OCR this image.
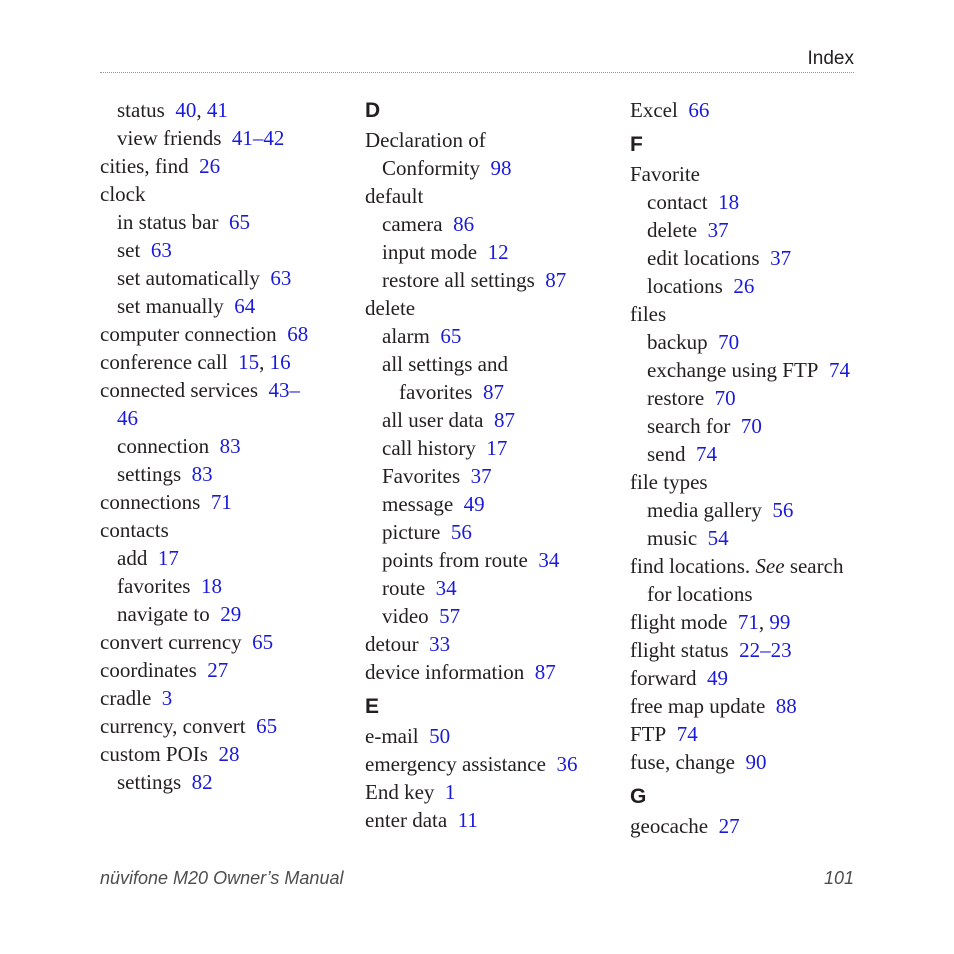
Index
status  40, 41
view friends  41–42
cities, find  26
clock
in status bar  65
set  63
set automatically  63
set manually  64
computer connection  68
conference call  15, 16
connected services  43–
46
connection  83
settings  83
connections  71
contacts
add  17
favorites  18
navigate to  29
convert currency  65
coordinates  27
cradle  3
currency, convert  65
custom POIs  28
settings  82
D
Declaration of
Conformity  98
default
camera  86
input mode  12
restore all settings  87
delete
alarm  65
all settings and
favorites  87
all user data  87
call history  17
Favorites  37
message  49
picture  56
points from route  34
route  34
video  57
detour  33
device information  87
E
e-mail  50
emergency assistance  36
End key  1
enter data  11
Excel  66
F
Favorite
contact  18
delete  37
edit locations  37
locations  26
files
backup  70
exchange using FTP  74
restore  70
search for  70
send  74
file types
media gallery  56
music  54
find locations. See search
for locations
flight mode  71, 99
flight status  22–23
forward  49
free map update  88
FTP  74
fuse, change  90
G
geocache  27
nüvifone M20 Owner’s Manual	101
